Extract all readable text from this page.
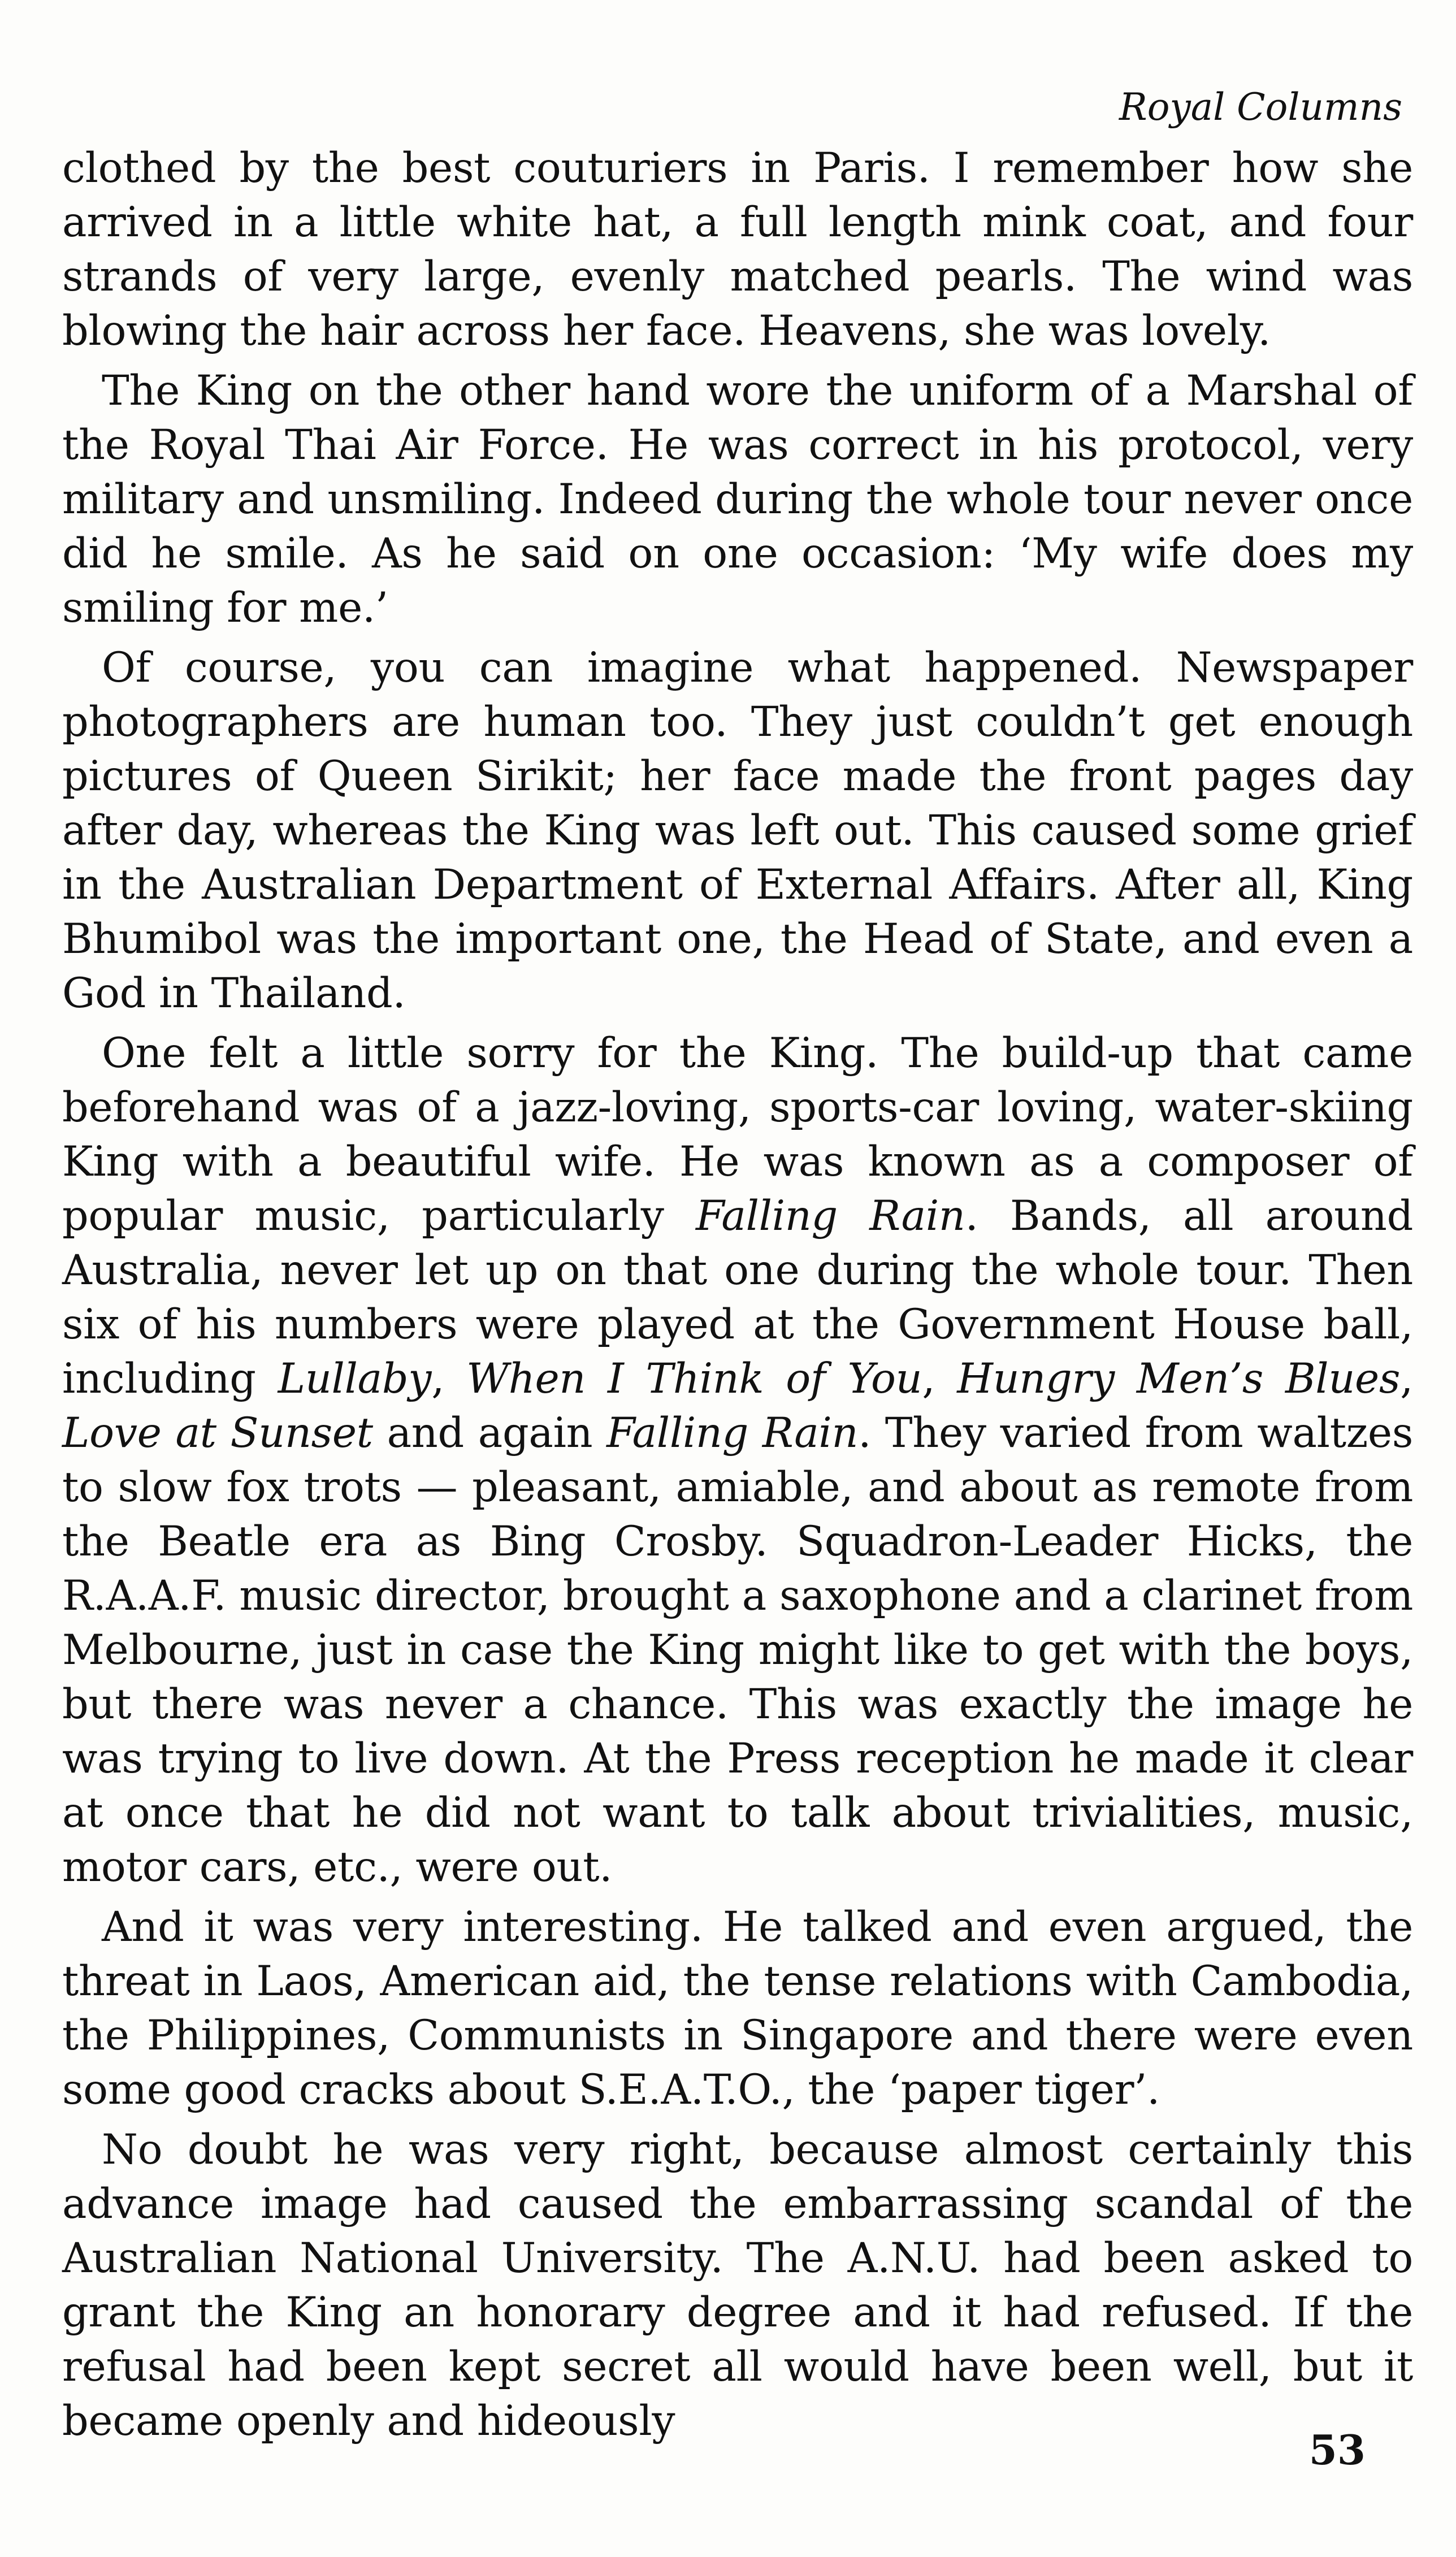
Royal Columns

clothed by the best couturiers in Paris. I remember how she arrived in a little white hat, a full length mink coat, and four strands of very large, evenly matched pearls. The wind was blowing the hair across her face. Heavens, she was lovely.

The King on the other hand wore the uniform of a Marshal of the Royal Thai Air Force. He was correct in his protocol, very military and unsmiling. Indeed during the whole tour never once did he smile. As he said on one occasion: ‘My wife does my smiling for me.’

Of course, you can imagine what happened. Newspaper photographers are human too. They just couldn’t get enough pictures of Queen Sirikit; her face made the front pages day after day, whereas the King was left out. This caused some grief in the Australian Department of External Affairs. After all, King Bhumibol was the important one, the Head of State, and even a God in Thailand.

One felt a little sorry for the King. The build-up that came beforehand was of a jazz-loving, sports-car loving, water-skiing King with a beautiful wife. He was known as a composer of popular music, particularly Falling Rain. Bands, all around Australia, never let up on that one during the whole tour. Then six of his numbers were played at the Government House ball, including Lullaby, When I Think of You, Hungry Men’s Blues, Love at Sunset and again Falling Rain. They varied from waltzes to slow fox trots — pleasant, amiable, and about as remote from the Beatle era as Bing Crosby. Squadron-Leader Hicks, the R.A.A.F. music director, brought a saxophone and a clarinet from Melbourne, just in case the King might like to get with the boys, but there was never a chance. This was exactly the image he was trying to live down. At the Press reception he made it clear at once that he did not want to talk about trivialities, music, motor cars, etc., were out.

And it was very interesting. He talked and even argued, the threat in Laos, American aid, the tense relations with Cambodia, the Philippines, Communists in Singapore and there were even some good cracks about S.E.A.T.O., the ‘paper tiger’.

No doubt he was very right, because almost certainly this advance image had caused the embarrassing scandal of the Australian National University. The A.N.U. had been asked to grant the King an honorary degree and it had refused. If the refusal had been kept secret all would have been well, but it became openly and hideously

53
